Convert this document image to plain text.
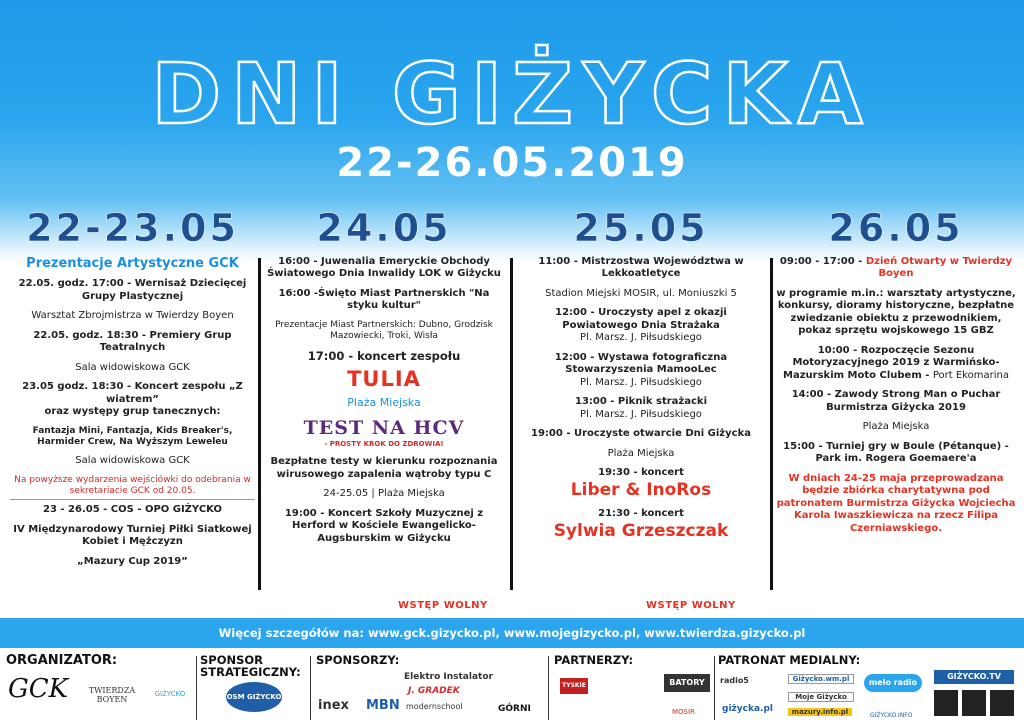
DNI GIŻYCKA
22-26.05.2019
22-23.05
Prezentacje Artystyczne GCK
22.05. godz. 17:00 - Wernisaż Dziecięcej Grupy Plastycznej
Warsztat Zbrojmistrza w Twierdzy Boyen
22.05. godz. 18:30 - Premiery Grup Teatralnych
Sala widowiskowa GCK
23.05 godz. 18:30 - Koncert zespołu „Z wiatrem”
oraz występy grup tanecznych:
Fantazja Mini, Fantazja, Kids Breaker's, Harmider Crew, Na Wyższym Leweleu
Sala widowiskowa GCK
Na powyższe wydarzenia wejściówki do odebrania w sekretariacie GCK od 20.05.
23 - 26.05 - COS - OPO GIŻYCKO
IV Międzynarodowy Turniej Piłki Siatkowej Kobiet i Mężczyzn
„Mazury Cup 2019”
24.05
16:00 - Juwenalia Emeryckie Obchody Światowego Dnia Inwalidy LOK w Giżycku
16:00 -Święto Miast Partnerskich "Na styku kultur"
Prezentacje Miast Partnerskich: Dubno, Grodzisk Mazowiecki, Troki, Wisła
17:00 - koncert zespołu
TULIA
Plaża Miejska
TEST NA HCV
- PROSTY KROK DO ZDROWIA!
Bezpłatne testy w kierunku rozpoznania wirusowego zapalenia wątroby typu C
24-25.05 | Plaża Miejska
19:00 - Koncert Szkoły Muzycznej z Herford w Kościele Ewangelicko-Augsburskim w Giżycku
WSTĘP WOLNY
25.05
11:00 - Mistrzostwa Województwa w Lekkoatletyce
Stadion Miejski MOSIR, ul. Moniuszki 5
12:00 - Uroczysty apel z okazji Powiatowego Dnia Strażaka
Pl. Marsz. J. Piłsudskiego
12:00 - Wystawa fotograficzna Stowarzyszenia MamooLec
Pl. Marsz. J. Piłsudskiego
13:00 - Piknik strażacki
Pl. Marsz. J. Piłsudskiego
19:00 - Uroczyste otwarcie Dni Giżycka
Plaża Miejska
19:30 - koncert
Liber & InoRos
21:30 - koncert
Sylwia Grzeszczak
WSTĘP WOLNY
26.05
09:00 - 17:00 - Dzień Otwarty w Twierdzy Boyen
w programie m.in.: warsztaty artystyczne, konkursy, dioramy historyczne, bezpłatne zwiedzanie obiektu z przewodnikiem, pokaz sprzętu wojskowego 15 GBZ
10:00 - Rozpoczęcie Sezonu Motoryzacyjnego 2019 z Warmińsko-Mazurskim Moto Clubem - Port Ekomarina
14:00 - Zawody Strong Man o Puchar Burmistrza Giżycka 2019
Plaża Miejska
15:00 - Turniej gry w Boule (Pétanque) - Park im. Rogera Goemaere'a
W dniach 24-25 maja przeprowadzana będzie zbiórka charytatywna pod patronatem Burmistrza Giżycka Wojciecha Karola Iwaszkiewicza na rzecz Filipa Czerniawskiego.
Więcej szczegółów na: www.gck.gizycko.pl, www.mojegizycko.pl, www.twierdza.gizycko.pl
ORGANIZATOR:
GCK	TWIERDZA BOYEN
GIŻYCKO
SPONSOR STRATEGICZNY:
OSM GIŻYCKO
SPONSORZY:
inex MBN
Elektro Instalator
J. GRADEK
modernschool	GÓRNI
PARTNERZY:
TYSKIE	BATORY
MOSIR
PATRONAT MEDIALNY:
radio5
giżycka.pl
Giżycko.wm.pl
Moje Giżycko
mazury.info.pl
melo radio
GIŻYCKO.INFO
GIŻYCKO.TV
